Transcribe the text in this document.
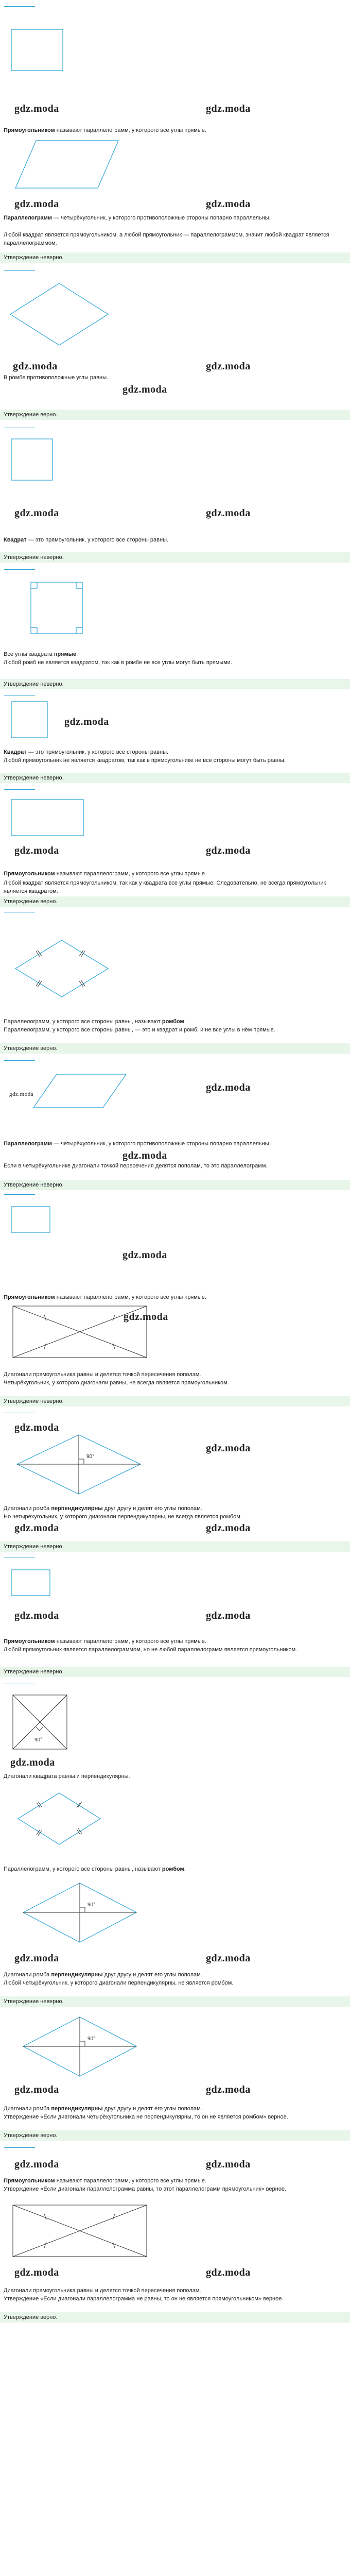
gdz.moda	gdz.moda
Прямоугольником называют параллелограмм, у которого все углы прямые.
gdz.moda	gdz.moda
Параллелограмм — четырёхугольник, у которого противоположные стороны попарно параллельны.
Любой квадрат является прямоугольником, а любой прямоугольник — параллелограммом, значит любой квадрат является параллелограммом.
Утверждение неверно.
gdz.moda	gdz.moda
В ромбе противоположные углы равны.
gdz.moda
Утверждение верно.
gdz.moda	gdz.moda
Квадрат — это прямоугольник, у которого все стороны равны.
Утверждение неверно.
Все углы квадрата прямые.
Любой ромб не является квадратом, так как в ромбе не все углы могут быть прямыми.
Утверждение неверно.
gdz.moda
Квадрат — это прямоугольник, у которого все стороны равны.
Любой прямоугольник не является квадратом, так как в прямоугольнике не все стороны могут быть равны.
Утверждение неверно.
gdz.moda	gdz.moda
Прямоугольником называют параллелограмм, у которого все углы прямые.
Любой квадрат является прямоугольником, так как у квадрата все углы прямые. Следовательно, не всегда прямоугольник является квадратом.
Утверждение верно.
Параллелограмм, у которого все стороны равны, называют ромбом.
Параллелограмм, у которого все стороны равны, — это и квадрат и ромб, и не все углы в нём прямые.
Утверждение верно.
gdz.moda
gdz.moda
Параллелограмм — четырёхугольник, у которого противоположные стороны попарно параллельны.
gdz.moda
Если в четырёхугольнике диагонали точкой пересечения делятся пополам, то это параллелограмм.
Утверждение неверно.
gdz.moda
Прямоугольником называют параллелограмм, у которого все углы прямые.
gdz.moda
Диагонали прямоугольника равны и делятся точкой пересечения пополам.
Четырёхугольник, у которого диагонали равны, не всегда является прямоугольником.
Утверждение неверно.
gdz.moda
90°
gdz.moda
Диагонали ромба перпендикулярны друг другу и делят его углы пополам.
Но четырёхугольник, у которого диагонали перпендикулярны, не всегда является ромбом.
gdz.moda	gdz.moda
Утверждение неверно.
gdz.moda	gdz.moda
Прямоугольником называют параллелограмм, у которого все углы прямые.
Любой прямоугольник является параллелограммом, но не любой параллелограмм является прямоугольником.
Утверждение неверно.
90°
gdz.moda
Диагонали квадрата равны и перпендикулярны.
Параллелограмм, у которого все стороны равны, называют ромбом.
90°
gdz.moda	gdz.moda
Диагонали ромба перпендикулярны друг другу и делят его углы пополам.
Любой четырёхугольник, у которого диагонали перпендикулярны, не является ромбом.
Утверждение неверно.
90°
gdz.moda	gdz.moda
Диагонали ромба перпендикулярны друг другу и делят его углы пополам.
Утверждение «Если диагонали четырёхугольника не перпендикулярны, то он не является ромбом» верное.
Утверждение верно.
gdz.moda	gdz.moda
Прямоугольником называют параллелограмм, у которого все углы прямые.
Утверждение «Если диагонали параллелограмма равны, то этот параллелограмм прямоугольник» верное.
gdz.moda	gdz.moda
Диагонали прямоугольника равны и делятся точкой пересечения пополам.
Утверждение «Если диагонали параллелограмма не равны, то он не является прямоугольником» верное.
Утверждение верно.
